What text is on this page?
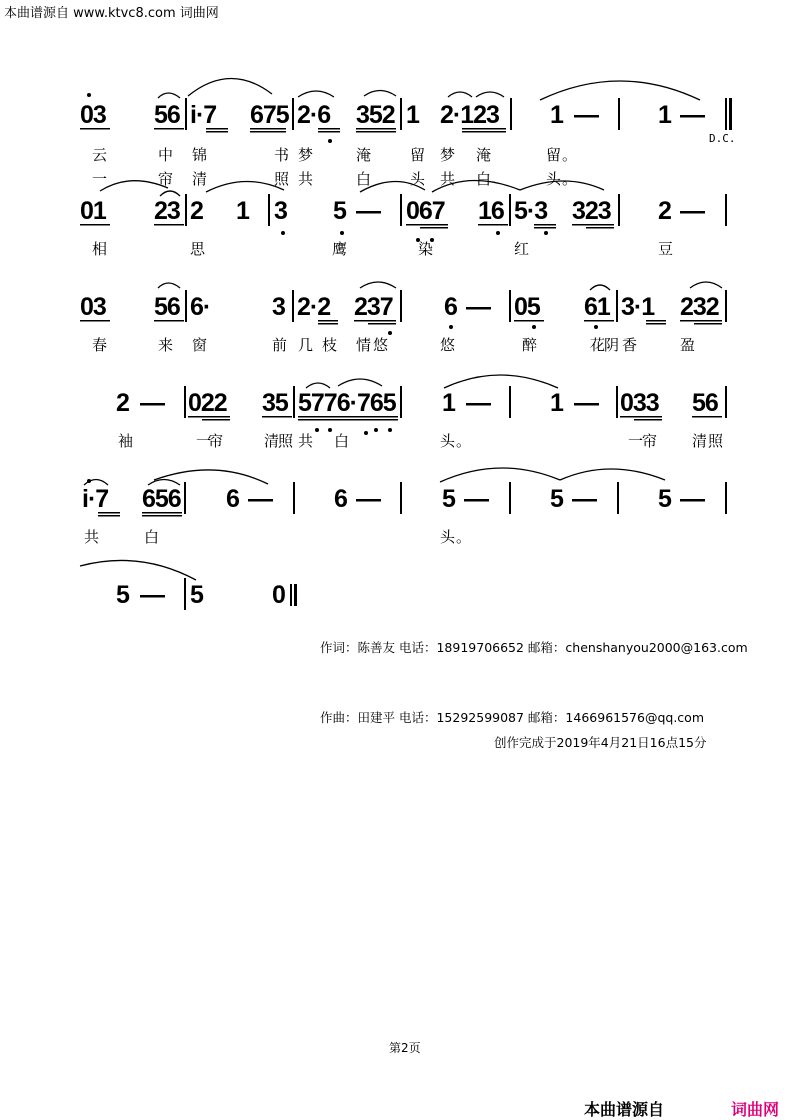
本曲谱源自 www.ktvc8.com 词曲网
03 56 i·7 675 2·6 352 1 2·123 1 — 1 —
D.C.
云	中 锦	书 梦	淹	留 梦 淹	留。
一	帘 清	照 共	白	头 共 白	头。
01 23 2 1 3 5 — 067 16 5·3 323 2 —
相	思	鹰	染	红	豆
03 56 6· 3 2·2 237 6 — 05 61 3·1 232
春	来 窗	前 几 枝 情 悠	悠	醉	花
阴 香	盈
2 — 022 35 5776·765 1 — 1 — 033 56
袖	一
帘	清
照 共 白	头。	一
帘 清 照
i·7 656 6 — 6 — 5 — 5 — 5 —
共	白	头。
5 — 5	0
作词：陈善友 电话：18919706652 邮箱：chenshanyou2000@163.com
作曲：田建平 电话：15292599087 邮箱：1466961576@qq.com
创作完成于2019年4月21日16点15分
第2页
本曲谱源自	词曲网
